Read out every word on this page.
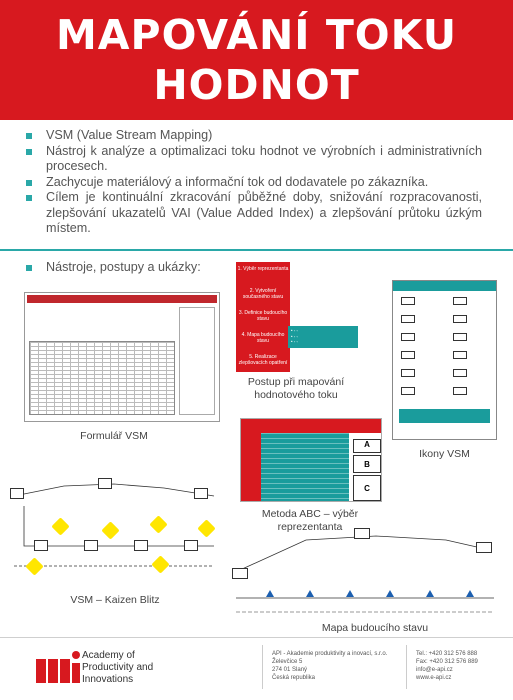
MAPOVÁNÍ TOKU
HODNOT
VSM (Value Stream Mapping)
Nástroj k analýze a optimalizaci toku hodnot ve výrobních i administrativních procesech.
Zachycuje materiálový a informační tok od dodavatele po zákazníka.
Cílem je kontinuální zkracování půběžné doby, snižování rozpracovanosti, zlepšování ukazatelů VAI (Value Added Index) a zlepšování průtoku úzkým místem.
Nástroje, postupy a ukázky:
Formulář VSM
1. Výběr reprezentanta
2. Vytvoření současného stavu
3. Definice budoucího stavu
4. Mapa budoucího stavu
5. Realizace zlepšovacích opatření
• ◦ ◦
• ◦ ◦
• ◦ ◦
Postup při mapování
hodnotového toku
Ikony VSM
A
B
C
Metoda ABC – výběr reprezentanta
VSM – Kaizen Blitz
Mapa budoucího stavu
Academy of
Productivity and
Innovations
API - Akademie produktivity a inovací, s.r.o.
Želevčice 5
274 01 Slaný
Česká republika
Tel.: +420 312 576 888
Fax: +420 312 576 889
info@e-api.cz
www.e-api.cz
